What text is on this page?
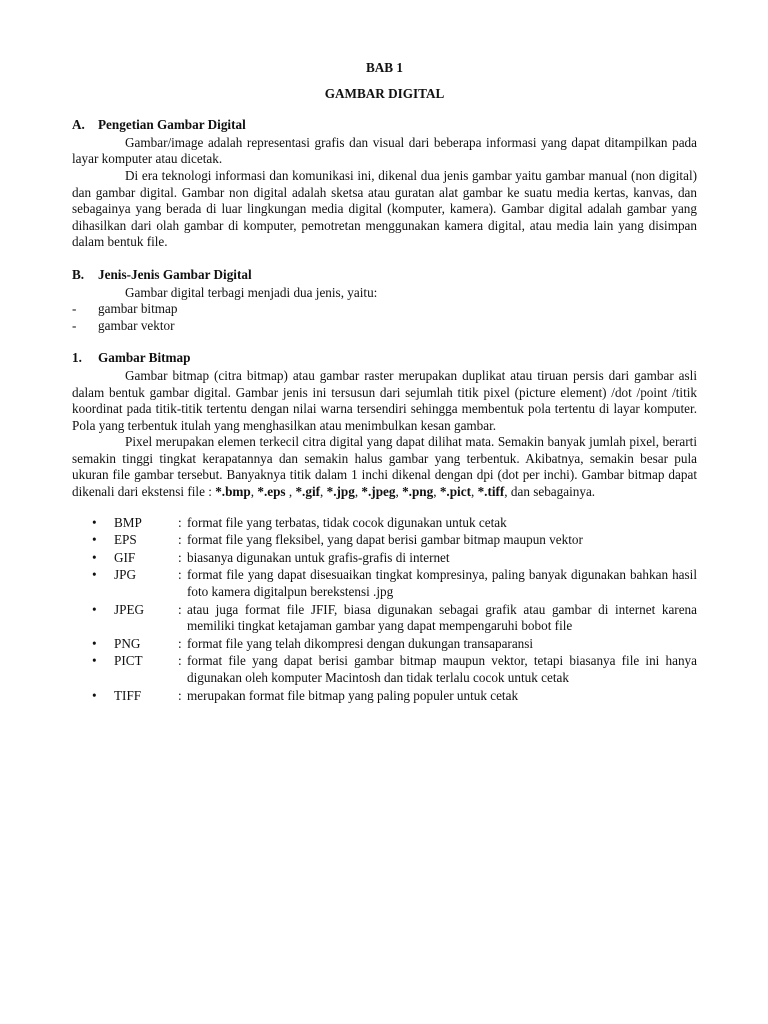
BAB 1
GAMBAR DIGITAL
A. Pengetian Gambar Digital
Gambar/image adalah representasi grafis dan visual dari beberapa informasi yang dapat ditampilkan pada layar komputer atau dicetak.
Di era teknologi informasi dan komunikasi ini, dikenal dua jenis gambar yaitu gambar manual (non digital) dan gambar digital. Gambar non digital adalah sketsa atau guratan alat gambar ke suatu media kertas, kanvas, dan sebagainya yang berada di luar lingkungan media digital (komputer, kamera). Gambar digital adalah gambar yang dihasilkan dari olah gambar di komputer, pemotretan menggunakan kamera digital, atau media lain yang disimpan dalam bentuk file.
B.	Jenis-Jenis Gambar Digital
Gambar digital terbagi menjadi dua jenis, yaitu:
-	gambar bitmap
-	gambar vektor
1.	Gambar Bitmap
Gambar bitmap (citra bitmap) atau gambar raster merupakan duplikat atau tiruan persis dari gambar asli dalam bentuk gambar digital. Gambar jenis ini tersusun dari sejumlah titik pixel (picture element) /dot /point /titik koordinat pada titik-titik tertentu dengan nilai warna tersendiri sehingga membentuk pola tertentu di layar komputer. Pola yang terbentuk itulah yang menghasilkan atau menimbulkan kesan gambar.
Pixel merupakan elemen terkecil citra digital yang dapat dilihat mata. Semakin banyak jumlah pixel, berarti semakin tinggi tingkat kerapatannya dan semakin halus gambar yang terbentuk. Akibatnya, semakin besar pula ukuran file gambar tersebut. Banyaknya titik dalam 1 inchi dikenal dengan dpi (dot per inchi). Gambar bitmap dapat dikenali dari ekstensi file : *.bmp, *.eps , *.gif, *.jpg, *.jpeg, *.png, *.pict, *.tiff, dan sebagainya.
•	BMP	: format file yang terbatas, tidak cocok digunakan untuk cetak
•	EPS	: format file yang fleksibel, yang dapat berisi gambar bitmap maupun vektor
•	GIF	: biasanya digunakan untuk grafis-grafis di internet
•	JPG	: format file yang dapat disesuaikan tingkat kompresinya, paling banyak digunakan bahkan hasil foto kamera digitalpun berekstensi .jpg
•	JPEG	: atau juga format file JFIF, biasa digunakan sebagai grafik atau gambar di internet karena memiliki tingkat ketajaman gambar yang dapat mempengaruhi bobot file
•	PNG	: format file yang telah dikompresi dengan dukungan transaparansi
•	PICT	: format file yang dapat berisi gambar bitmap maupun vektor, tetapi biasanya file ini hanya digunakan oleh komputer Macintosh dan tidak terlalu cocok untuk cetak
•	TIFF	: merupakan format file bitmap yang paling populer untuk cetak
